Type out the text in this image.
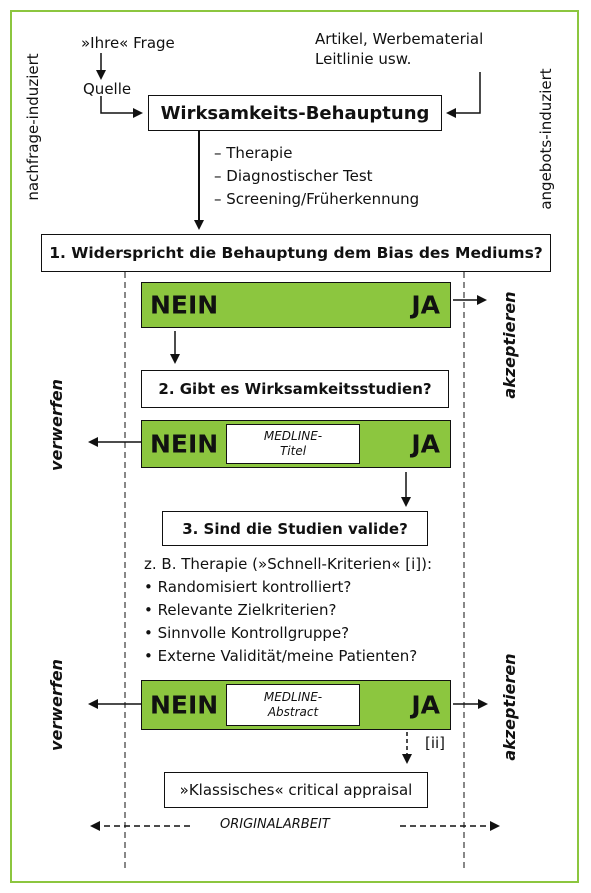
»Ihre« Frage
Quelle
Artikel, Werbematerial
Leitlinie usw.
Wirksamkeits-Behauptung
– Therapie
– Diagnostischer Test
– Screening/Früherkennung
nachfrage-induziert	angebots-induziert
1. Widerspricht die Behauptung dem Bias des Mediums?
NEIN	JA
2. Gibt es Wirksamkeitsstudien?
NEIN	JA
MEDLINE-
Titel
3. Sind die Studien valide?
z. B. Therapie (»Schnell-Kriterien« [i]):
• Randomisiert kontrolliert?
• Relevante Zielkriterien?
• Sinnvolle Kontrollgruppe?
• Externe Validität/meine Patienten?
NEIN	JA
MEDLINE-
Abstract
[ii]
»Klassisches« critical appraisal
ORIGINALARBEIT
akzeptieren
verwerfen
verwerfen	akzeptieren
